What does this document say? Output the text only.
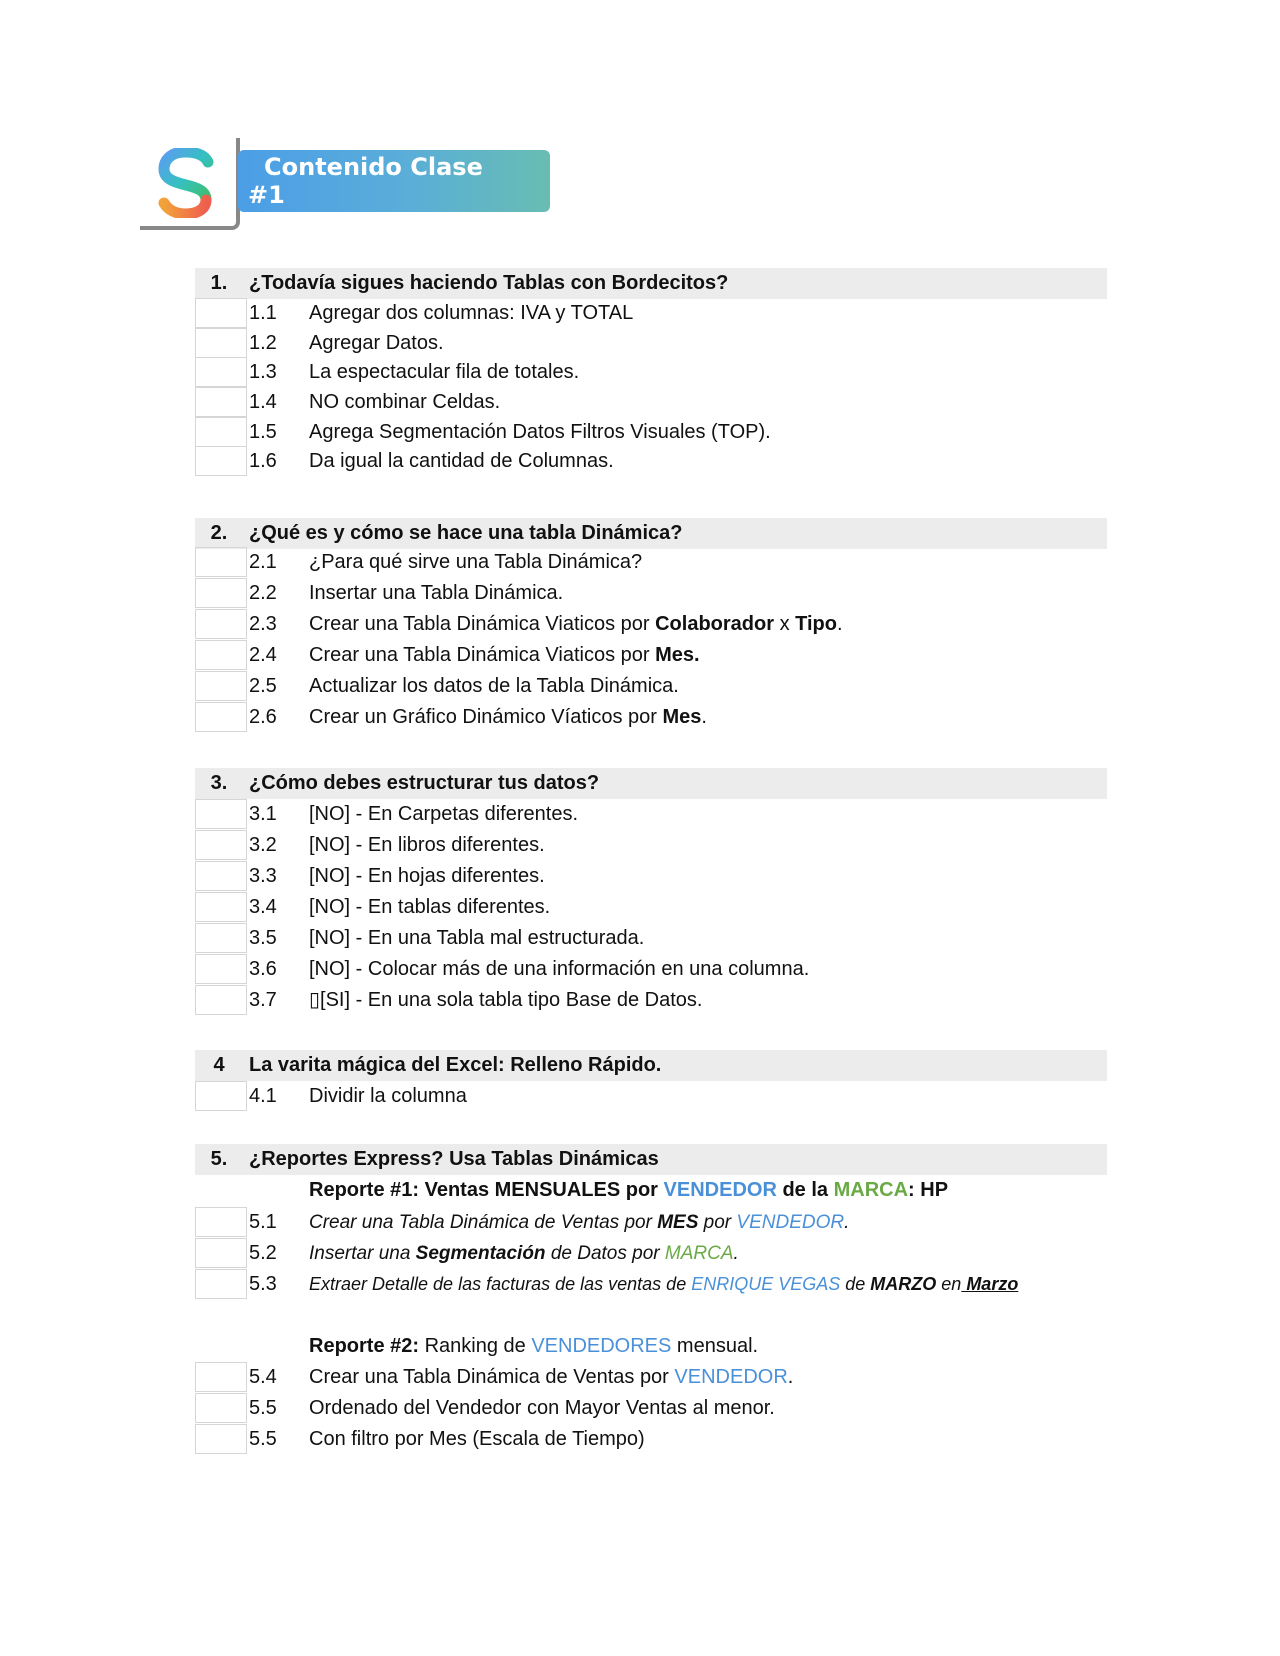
Contenido Clase
#1
1.	¿Todavía sigues haciendo Tablas con Bordecitos?
1.1 Agregar dos columnas: IVA y TOTAL
1.2 Agregar Datos.
1.3 La espectacular fila de totales.
1.4 NO combinar Celdas.
1.5 Agrega Segmentación Datos Filtros Visuales (TOP).
1.6 Da igual la cantidad de Columnas.
2.	¿Qué es y cómo se hace una tabla Dinámica?
2.1 ¿Para qué sirve una Tabla Dinámica?
2.2 Insertar una Tabla Dinámica.
2.3 Crear una Tabla Dinámica Viaticos por Colaborador x Tipo.
2.4 Crear una Tabla Dinámica Viaticos por Mes.
2.5 Actualizar los datos de la Tabla Dinámica.
2.6 Crear un Gráfico Dinámico Víaticos por Mes.
3.	¿Cómo debes estructurar tus datos?
3.1 [NO] - En Carpetas diferentes.
3.2 [NO] - En libros diferentes.
3.3 [NO] - En hojas diferentes.
3.4 [NO] - En tablas diferentes.
3.5 [NO] - En una Tabla mal estructurada.
3.6 [NO] - Colocar más de una información en una columna.
3.7 ▯[SI] - En una sola tabla tipo Base de Datos.
4	La varita mágica del Excel: Relleno Rápido.
4.1 Dividir la columna
5.	¿Reportes Express? Usa Tablas Dinámicas
Reporte #1: Ventas MENSUALES por VENDEDOR de la MARCA: HP
5.1 Crear una Tabla Dinámica de Ventas por MES por VENDEDOR.
5.2 Insertar una Segmentación de Datos por MARCA.
5.3 Extraer Detalle de las facturas de las ventas de ENRIQUE VEGAS de MARZO en Marzo
Reporte #2: Ranking de VENDEDORES mensual.
5.4 Crear una Tabla Dinámica de Ventas por VENDEDOR.
5.5 Ordenado del Vendedor con Mayor Ventas al menor.
5.5 Con filtro por Mes (Escala de Tiempo)
